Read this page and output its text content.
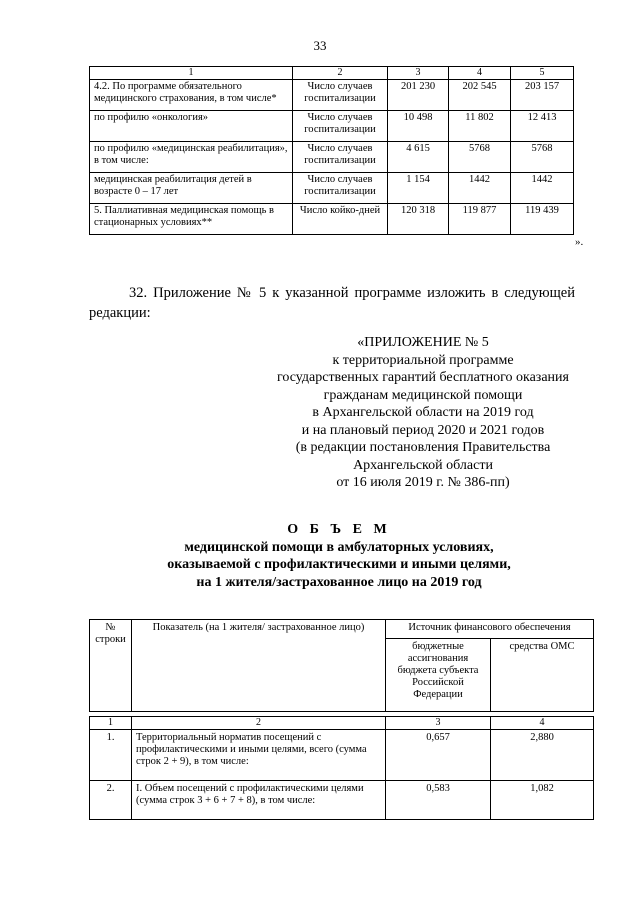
33
1	2	3	4	5
4.2. По программе обязательного медицинского страхования, в том числе*	Число случаев госпитализации	201 230	202 545	203 157
по профилю «онкология»	Число случаев госпитализации	10 498	11 802	12 413
по профилю «медицинская реабилитация», в том числе:	Число случаев госпитализации	4 615	5768	5768
медицинская реабилитация детей в возрасте 0 – 17 лет	Число случаев госпитализации	1 154	1442	1442
5. Паллиативная медицинская помощь в стационарных условиях**	Число койко-дней	120 318	119 877	119 439
».
32. Приложение № 5 к указанной программе изложить в следующей редакции:
«ПРИЛОЖЕНИЕ № 5
к территориальной программе
государственных гарантий бесплатного оказания
гражданам медицинской помощи
в Архангельской области на 2019 год
и на плановый период 2020 и 2021 годов
(в редакции постановления Правительства
Архангельской области
от 16 июля 2019 г. № 386-пп)
О Б Ъ Е М
медицинской помощи в амбулаторных условиях,
оказываемой с профилактическими и иными целями,
на 1 жителя/застрахованное лицо на 2019 год
№ строки	Показатель (на 1 жителя/ застрахованное лицо)	Источник финансового обеспечения	
		бюджетные ассигнования бюджета субъекта Российской Федерации	средства ОМС

1	2	3	4
1.	Территориальный норматив посещений с профилактическими и иными целями, всего (сумма строк 2 + 9), в том числе:	0,657	2,880
2.	I. Объем посещений с профилактическими целями (сумма строк 3 + 6 + 7 + 8), в том числе:	0,583	1,082
